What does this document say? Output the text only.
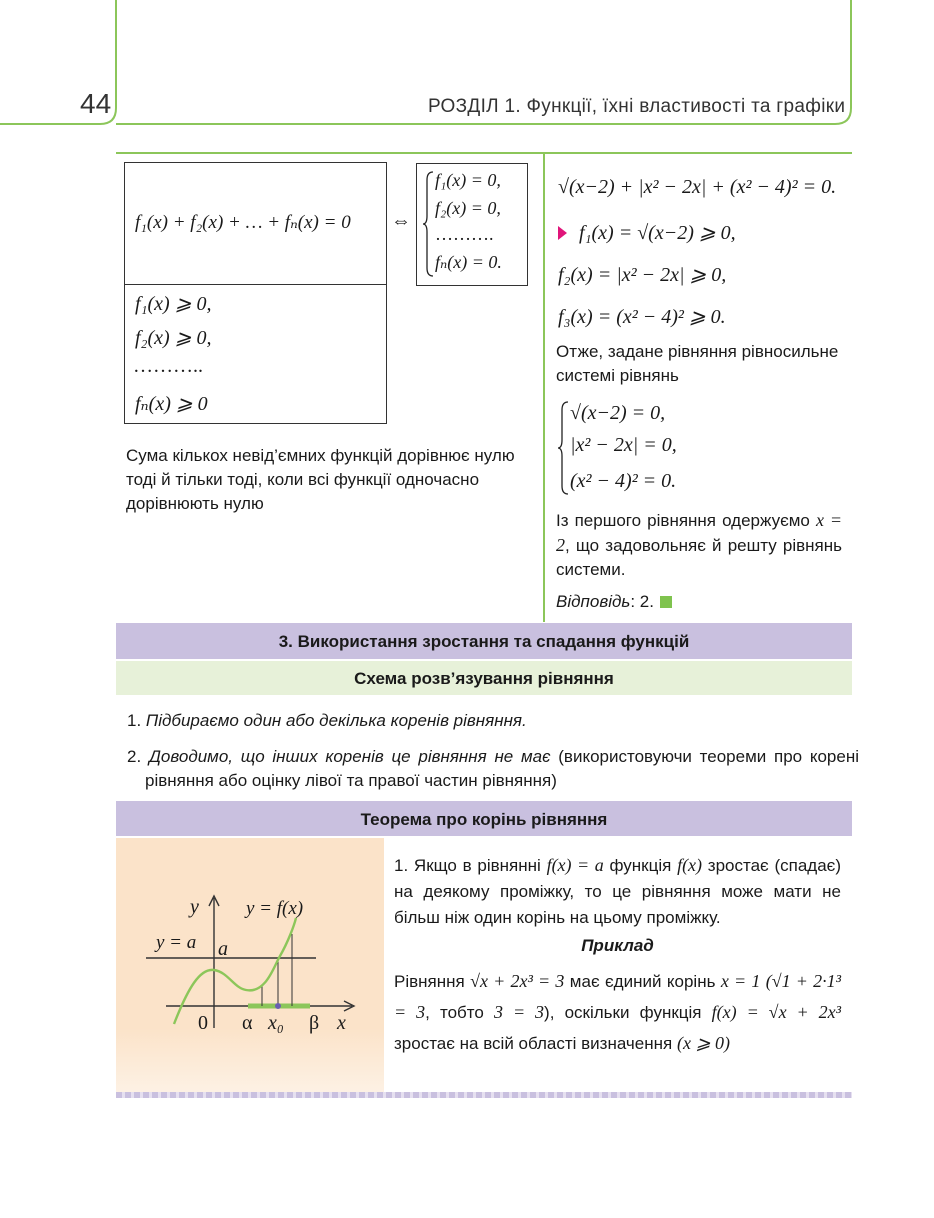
44	РОЗДІЛ 1. Функції, їхні властивості та графіки
f₁(x) + f₂(x) + … + fₙ(x) = 0
f₁(x) ⩾ 0,
f₂(x) ⩾ 0,
………..
fₙ(x) ⩾ 0
⇔
f₁(x) = 0,
f₂(x) = 0,
……….
fₙ(x) = 0.
Сума кількох невід’ємних функцій дорівнює нулю тоді й тільки тоді, коли всі функції одночасно дорівнюють нулю
√(x−2) + |x² − 2x| + (x² − 4)² = 0.
f₁(x) = √(x−2) ⩾ 0,
f₂(x) = |x² − 2x| ⩾ 0,
f₃(x) = (x² − 4)² ⩾ 0.
Отже, задане рівняння рівносильне системі рівнянь
√(x−2) = 0,
|x² − 2x| = 0,
(x² − 4)² = 0.
Із першого рівняння одержуємо x = 2, що задовольняє й решту рівнянь системи.
Відповідь: 2.
3. Використання зростання та спадання функцій
Схема розв’язування рівняння
1. Підбираємо один або декілька коренів рівняння.
2. Доводимо, що інших коренів це рівняння не має (використовуючи теореми про корені рівняння або оцінку лівої та правої частин рівняння)
Теорема про корінь рівняння
y y = f(x)
y = a a
0 α x₀ β x
1. Якщо в рівнянні f(x) = a функція f(x) зростає (спадає) на деякому проміжку, то це рівняння може мати не більш ніж один корінь на цьому проміжку.
Приклад
Рівняння √x + 2x³ = 3 має єдиний корінь x = 1 (√1 + 2·1³ = 3, тобто 3 = 3), оскільки функція f(x) = √x + 2x³ зростає на всій області визначення (x ⩾ 0)
